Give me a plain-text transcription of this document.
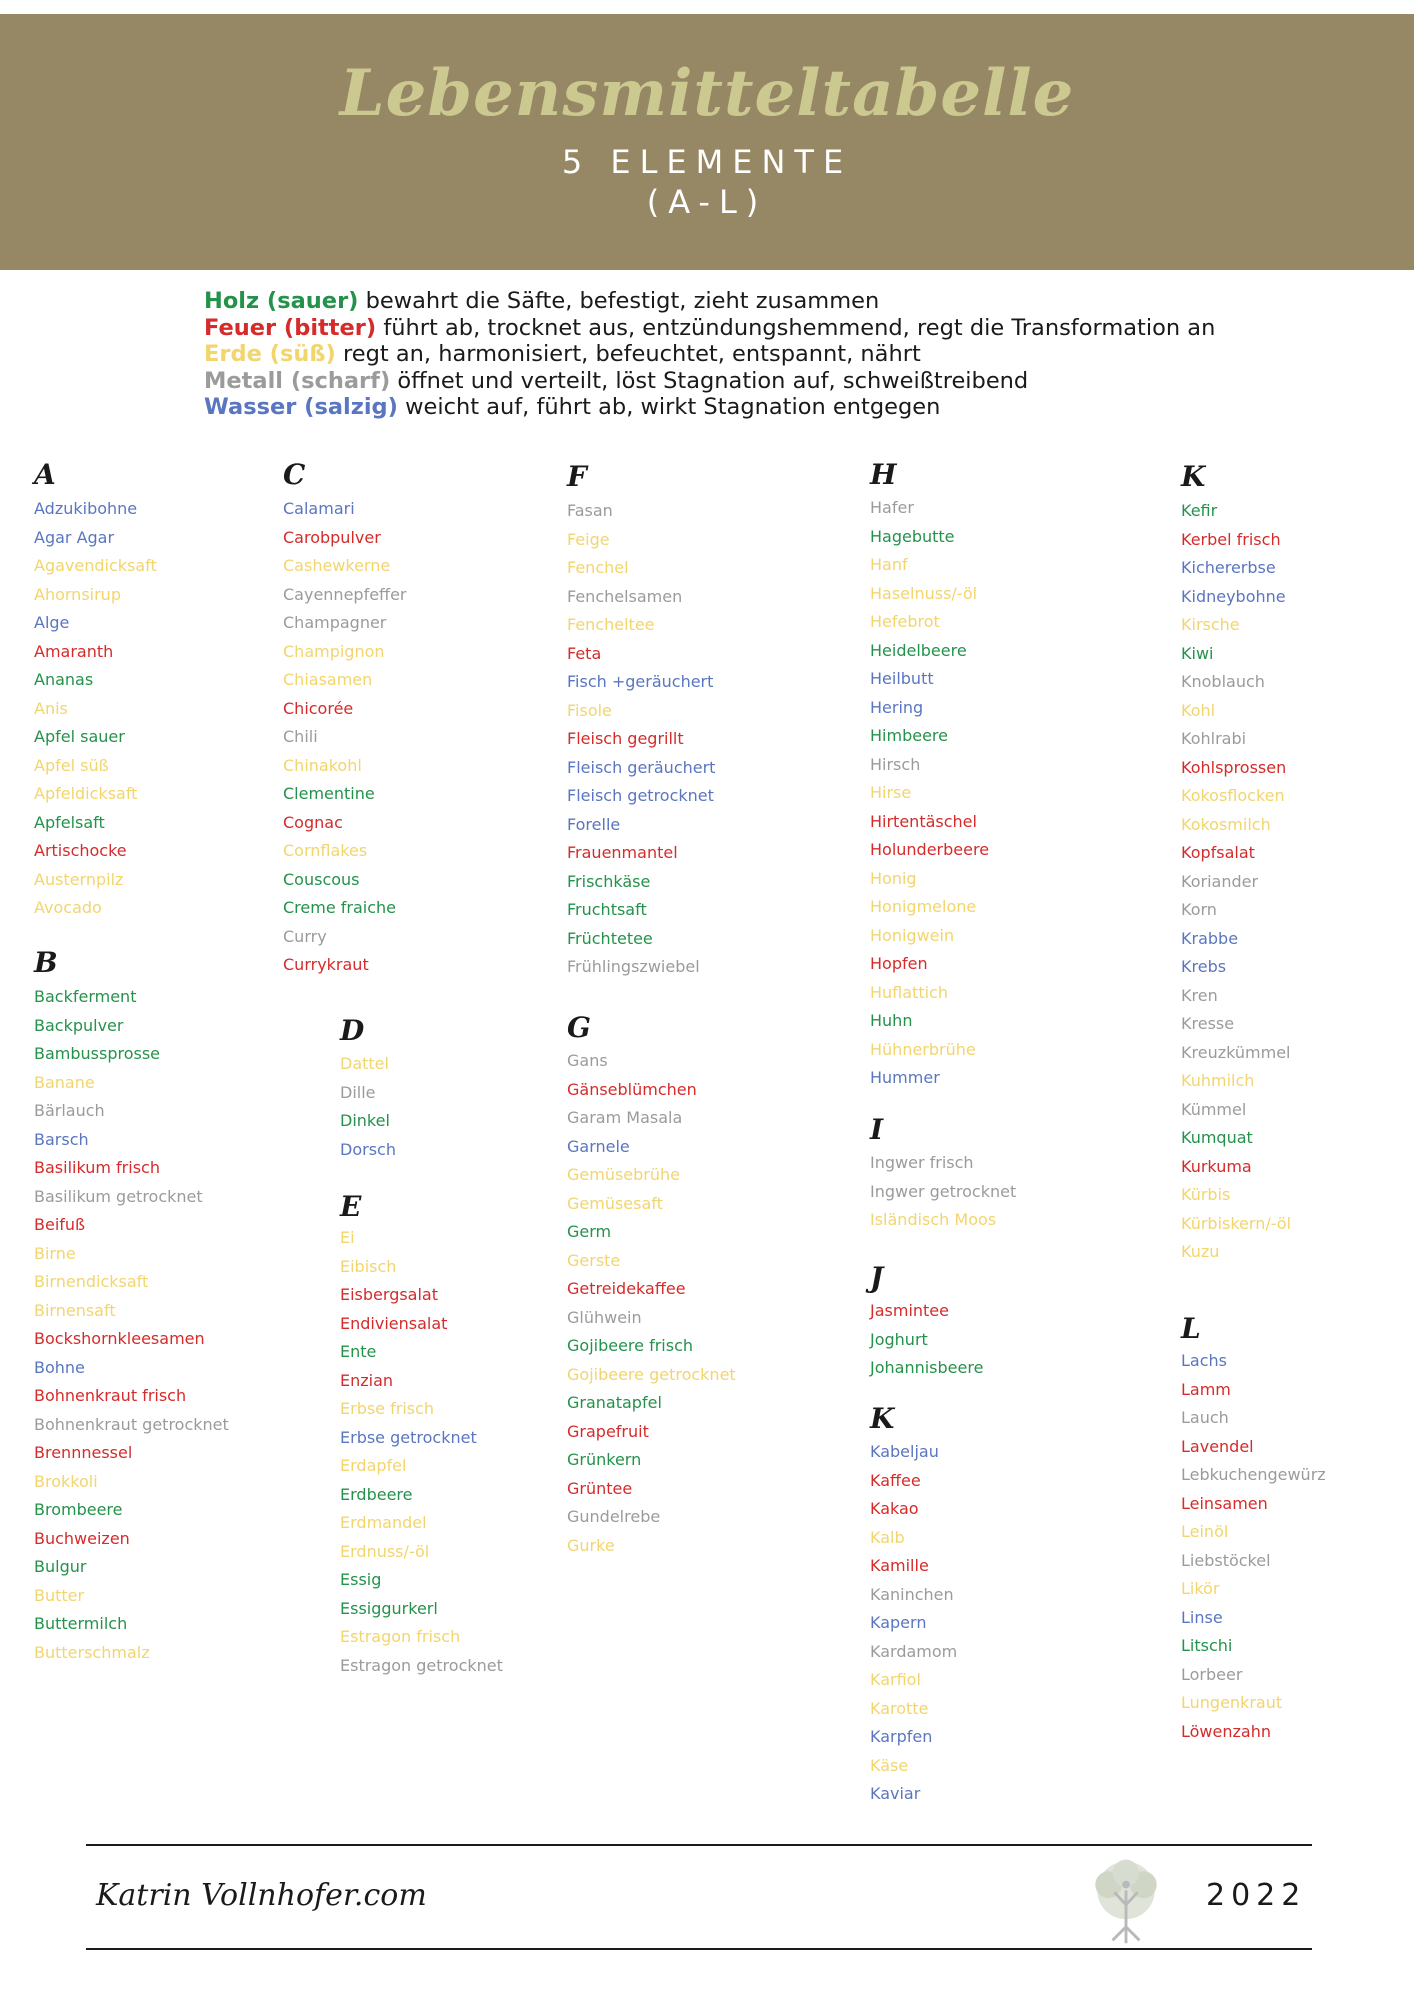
Lebensmitteltabelle
5 ELEMENTE
(A-L)
Holz (sauer) bewahrt die Säfte, befestigt, zieht zusammen
Feuer (bitter) führt ab, trocknet aus, entzündungshemmend, regt die Transformation an
Erde (süß) regt an, harmonisiert, befeuchtet, entspannt, nährt
Metall (scharf) öffnet und verteilt, löst Stagnation auf, schweißtreibend
Wasser (salzig) weicht auf, führt ab, wirkt Stagnation entgegen
A
Adzukibohne
Agar Agar
Agavendicksaft
Ahornsirup
Alge
Amaranth
Ananas
Anis
Apfel sauer
Apfel süß
Apfeldicksaft
Apfelsaft
Artischocke
Austernpilz
Avocado
B
Backferment
Backpulver
Bambussprosse
Banane
Bärlauch
Barsch
Basilikum frisch
Basilikum getrocknet
Beifuß
Birne
Birnendicksaft
Birnensaft
Bockshornkleesamen
Bohne
Bohnenkraut frisch
Bohnenkraut getrocknet
Brennnessel
Brokkoli
Brombeere
Buchweizen
Bulgur
Butter
Buttermilch
Butterschmalz
C
Calamari
Carobpulver
Cashewkerne
Cayennepfeffer
Champagner
Champignon
Chiasamen
Chicorée
Chili
Chinakohl
Clementine
Cognac
Cornflakes
Couscous
Creme fraiche
Curry
Currykraut
D
Dattel
Dille
Dinkel
Dorsch
E
Ei
Eibisch
Eisbergsalat
Endiviensalat
Ente
Enzian
Erbse frisch
Erbse getrocknet
Erdapfel
Erdbeere
Erdmandel
Erdnuss/-öl
Essig
Essiggurkerl
Estragon frisch
Estragon getrocknet
F
Fasan
Feige
Fenchel
Fenchelsamen
Fencheltee
Feta
Fisch +geräuchert
Fisole
Fleisch gegrillt
Fleisch geräuchert
Fleisch getrocknet
Forelle
Frauenmantel
Frischkäse
Fruchtsaft
Früchtetee
Frühlingszwiebel
G
Gans
Gänseblümchen
Garam Masala
Garnele
Gemüsebrühe
Gemüsesaft
Germ
Gerste
Getreidekaffee
Glühwein
Gojibeere frisch
Gojibeere getrocknet
Granatapfel
Grapefruit
Grünkern
Grüntee
Gundelrebe
Gurke
H
Hafer
Hagebutte
Hanf
Haselnuss/-öl
Hefebrot
Heidelbeere
Heilbutt
Hering
Himbeere
Hirsch
Hirse
Hirtentäschel
Holunderbeere
Honig
Honigmelone
Honigwein
Hopfen
Huflattich
Huhn
Hühnerbrühe
Hummer
I
Ingwer frisch
Ingwer getrocknet
Isländisch Moos
J
Jasmintee
Joghurt
Johannisbeere
K
Kabeljau
Kaffee
Kakao
Kalb
Kamille
Kaninchen
Kapern
Kardamom
Karfiol
Karotte
Karpfen
Käse
Kaviar
K
Kefir
Kerbel frisch
Kichererbse
Kidneybohne
Kirsche
Kiwi
Knoblauch
Kohl
Kohlrabi
Kohlsprossen
Kokosflocken
Kokosmilch
Kopfsalat
Koriander
Korn
Krabbe
Krebs
Kren
Kresse
Kreuzkümmel
Kuhmilch
Kümmel
Kumquat
Kurkuma
Kürbis
Kürbiskern/-öl
Kuzu
L
Lachs
Lamm
Lauch
Lavendel
Lebkuchengewürz
Leinsamen
Leinöl
Liebstöckel
Likör
Linse
Litschi
Lorbeer
Lungenkraut
Löwenzahn
Katrin Vollnhofer.com	2022
